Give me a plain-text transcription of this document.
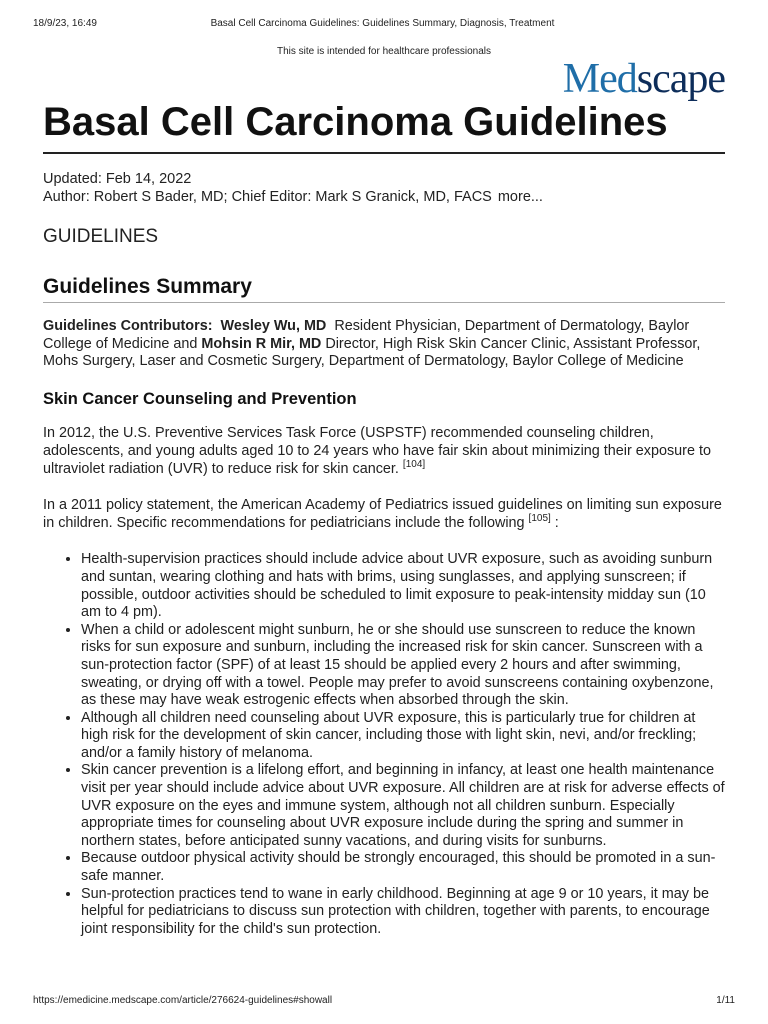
18/9/23, 16:49	Basal Cell Carcinoma Guidelines: Guidelines Summary, Diagnosis, Treatment
This site is intended for healthcare professionals
Medscape
Basal Cell Carcinoma Guidelines
Updated: Feb 14, 2022
Author: Robert S Bader, MD; Chief Editor: Mark S Granick, MD, FACS more...
GUIDELINES
Guidelines Summary

Guidelines Contributors: Wesley Wu, MD Resident Physician, Department of Dermatology, Baylor College of Medicine and Mohsin R Mir, MD Director, High Risk Skin Cancer Clinic, Assistant Professor, Mohs Surgery, Laser and Cosmetic Surgery, Department of Dermatology, Baylor College of Medicine

Skin Cancer Counseling and Prevention

In 2012, the U.S. Preventive Services Task Force (USPSTF) recommended counseling children, adolescents, and young adults aged 10 to 24 years who have fair skin about minimizing their exposure to ultraviolet radiation (UVR) to reduce risk for skin cancer. [104]

In a 2011 policy statement, the American Academy of Pediatrics issued guidelines on limiting sun exposure in children. Specific recommendations for pediatricians include the following [105] :

• Health-supervision practices should include advice about UVR exposure, such as avoiding sunburn and suntan, wearing clothing and hats with brims, using sunglasses, and applying sunscreen; if possible, outdoor activities should be scheduled to limit exposure to peak-intensity midday sun (10 am to 4 pm).
• When a child or adolescent might sunburn, he or she should use sunscreen to reduce the known risks for sun exposure and sunburn, including the increased risk for skin cancer. Sunscreen with a sun-protection factor (SPF) of at least 15 should be applied every 2 hours and after swimming, sweating, or drying off with a towel. People may prefer to avoid sunscreens containing oxybenzone, as these may have weak estrogenic effects when absorbed through the skin.
• Although all children need counseling about UVR exposure, this is particularly true for children at high risk for the development of skin cancer, including those with light skin, nevi, and/or freckling; and/or a family history of melanoma.
• Skin cancer prevention is a lifelong effort, and beginning in infancy, at least one health maintenance visit per year should include advice about UVR exposure. All children are at risk for adverse effects of UVR exposure on the eyes and immune system, although not all children sunburn. Especially appropriate times for counseling about UVR exposure include during the spring and summer in northern states, before anticipated sunny vacations, and during visits for sunburns.
• Because outdoor physical activity should be strongly encouraged, this should be promoted in a sun-safe manner.
• Sun-protection practices tend to wane in early childhood. Beginning at age 9 or 10 years, it may be helpful for pediatricians to discuss sun protection with children, together with parents, to encourage joint responsibility for the child's sun protection.
https://emedicine.medscape.com/article/276624-guidelines#showall	1/11
